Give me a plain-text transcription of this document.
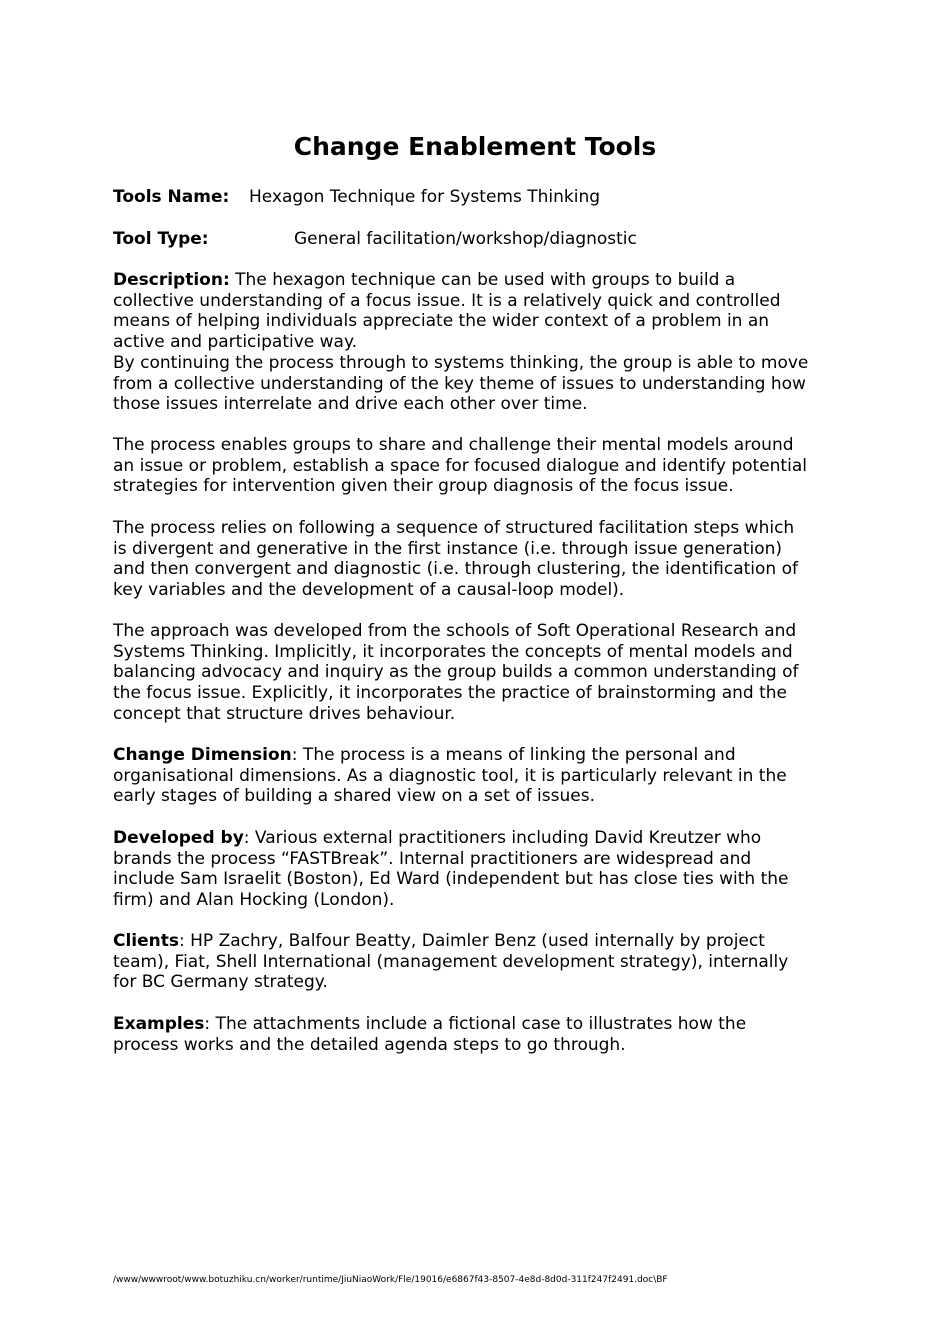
Change Enablement Tools
Tools Name: Hexagon Technique for Systems Thinking
Tool Type:	General facilitation/workshop/diagnostic
Description: The hexagon technique can be used with groups to build a
collective understanding of a focus issue. It is a relatively quick and controlled
means of helping individuals appreciate the wider context of a problem in an
active and participative way.
By continuing the process through to systems thinking, the group is able to move
from a collective understanding of the key theme of issues to understanding how
those issues interrelate and drive each other over time.
The process enables groups to share and challenge their mental models around
an issue or problem, establish a space for focused dialogue and identify potential
strategies for intervention given their group diagnosis of the focus issue.
The process relies on following a sequence of structured facilitation steps which
is divergent and generative in the first instance (i.e. through issue generation)
and then convergent and diagnostic (i.e. through clustering, the identification of
key variables and the development of a causal-loop model).
The approach was developed from the schools of Soft Operational Research and
Systems Thinking. Implicitly, it incorporates the concepts of mental models and
balancing advocacy and inquiry as the group builds a common understanding of
the focus issue. Explicitly, it incorporates the practice of brainstorming and the
concept that structure drives behaviour.
Change Dimension: The process is a means of linking the personal and
organisational dimensions. As a diagnostic tool, it is particularly relevant in the
early stages of building a shared view on a set of issues.
Developed by: Various external practitioners including David Kreutzer who
brands the process “FASTBreak”. Internal practitioners are widespread and
include Sam Israelit (Boston), Ed Ward (independent but has close ties with the
firm) and Alan Hocking (London).
Clients: HP Zachry, Balfour Beatty, Daimler Benz (used internally by project
team), Fiat, Shell International (management development strategy), internally
for BC Germany strategy.
Examples: The attachments include a fictional case to illustrates how the
process works and the detailed agenda steps to go through.
/www/wwwroot/www.botuzhiku.cn/worker/runtime/JiuNiaoWork/Fle/19016/e6867f43-8507-4e8d-8d0d-311f247f2491.doc\BF
